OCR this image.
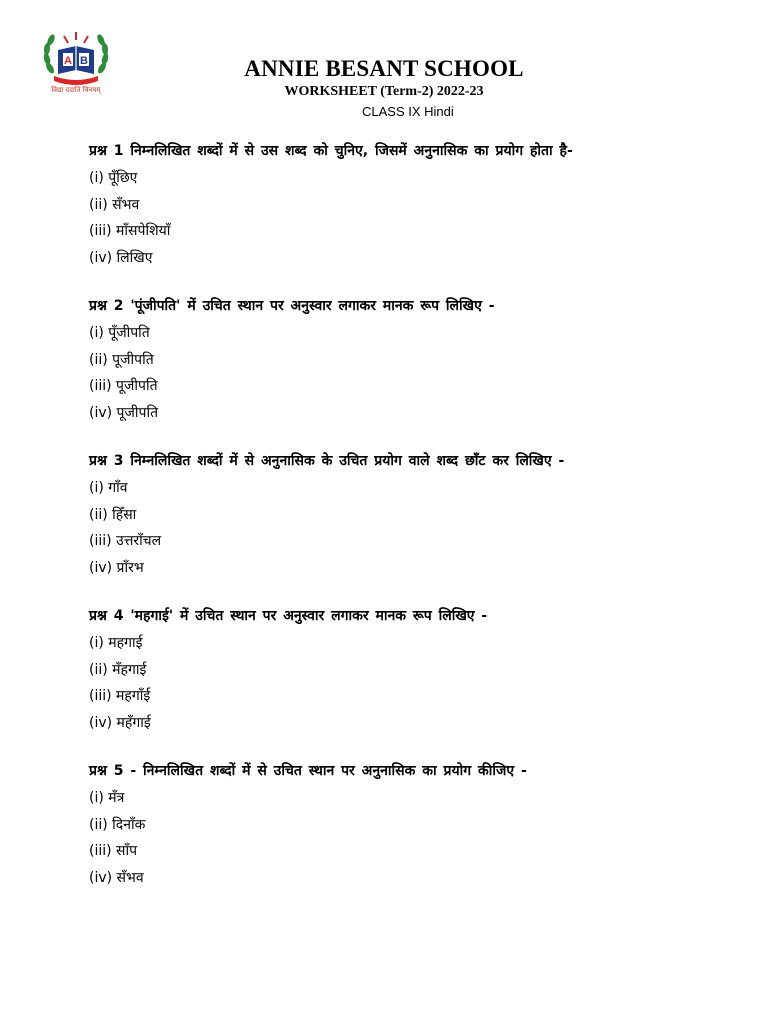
A B
विद्या ददाति विनयम्
ANNIE BESANT SCHOOL
WORKSHEET (Term-2) 2022-23
CLASS IX Hindi
प्रश्न 1 निम्नलिखित शब्दों में से उस शब्द को चुनिए, जिसमें अनुनासिक का प्रयोग होता है-
(i) पूँछिए
(ii) सँभव
(iii) माँसपेशियाँ
(iv) लिखिए
प्रश्न 2 'पूंजीपति' में उचित स्थान पर अनुस्वार लगाकर मानक रूप लिखिए -
(i) पूँजीपति
(ii) पूजीपति
(iii) पूजीपति
(iv) पूजीपति
प्रश्न 3 निम्नलिखित शब्दों में से अनुनासिक के उचित प्रयोग वाले शब्द छाँट कर लिखिए -
(i) गाँव
(ii) हिँसा
(iii) उत्तराँचल
(iv) प्राँरभ
प्रश्न 4 'महगाई' में उचित स्थान पर अनुस्वार लगाकर मानक रूप लिखिए -
(i) महगाई
(ii) मँहगाई
(iii) महगाँई
(iv) महँगाई
प्रश्न 5 - निम्नलिखित शब्दों में से उचित स्थान पर अनुनासिक का प्रयोग कीजिए -
(i) मँत्र
(ii) दिनाँक
(iii) साँप
(iv) सँभव
